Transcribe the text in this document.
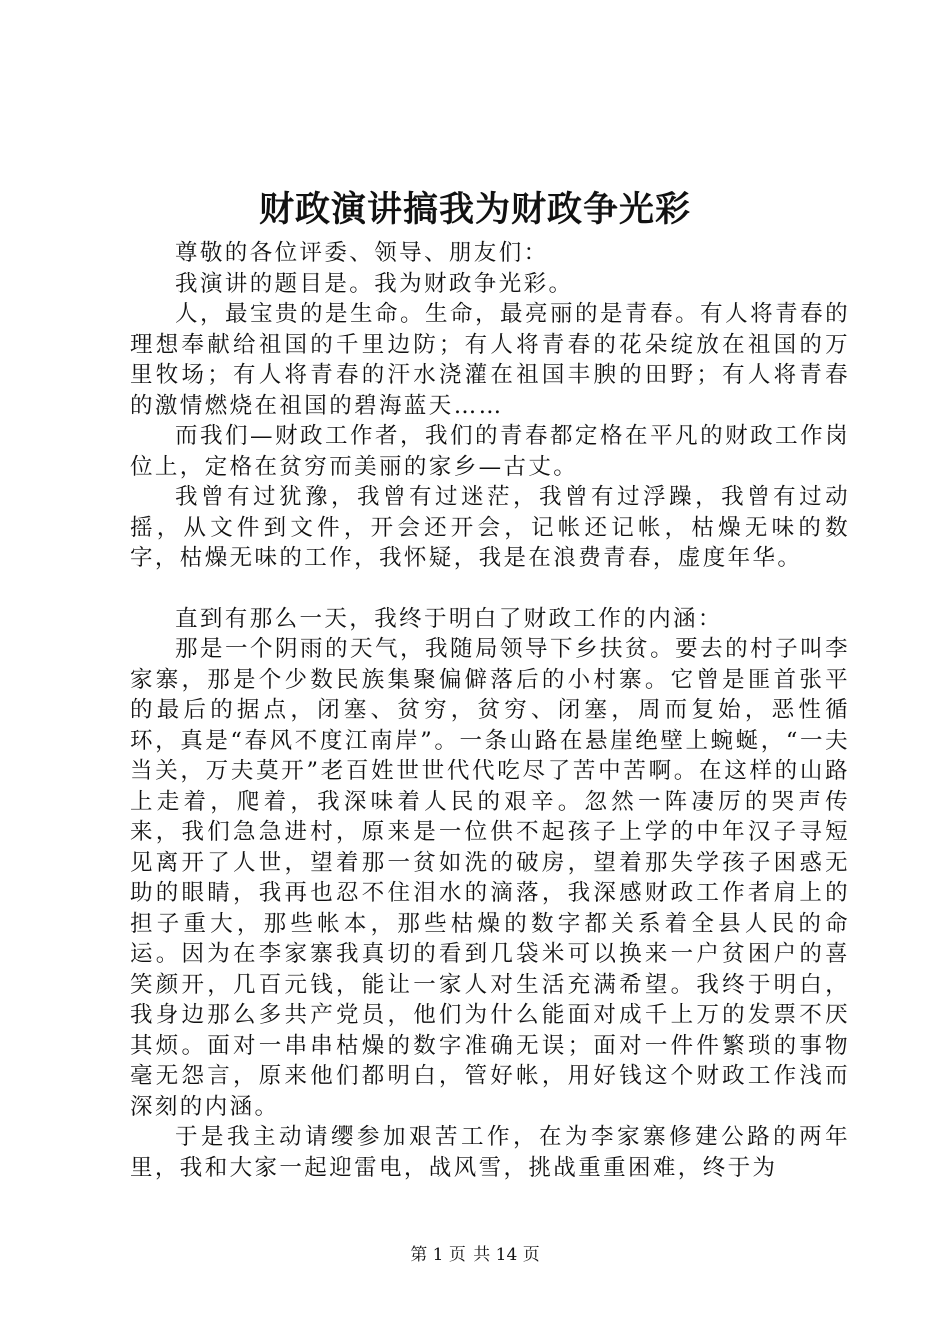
财政演讲搞我为财政争光彩

尊敬的各位评委、领导、朋友们：

我演讲的题目是。我为财政争光彩。

人，最宝贵的是生命。生命，最亮丽的是青春。有人将青春的理想奉献给祖国的千里边防；有人将青春的花朵绽放在祖国的万里牧场；有人将青春的汗水浇灌在祖国丰腴的田野；有人将青春的激情燃烧在祖国的碧海蓝天……

而我们—财政工作者，我们的青春都定格在平凡的财政工作岗位上，定格在贫穷而美丽的家乡—古丈。

我曾有过犹豫，我曾有过迷茫，我曾有过浮躁，我曾有过动摇，从文件到文件，开会还开会，记帐还记帐，枯燥无味的数字，枯燥无味的工作，我怀疑，我是在浪费青春，虚度年华。

直到有那么一天，我终于明白了财政工作的内涵：

那是一个阴雨的天气，我随局领导下乡扶贫。要去的村子叫李家寨，那是个少数民族集聚偏僻落后的小村寨。它曾是匪首张平的最后的据点，闭塞、贫穷，贫穷、闭塞，周而复始，恶性循环，真是“春风不度江南岸”。一条山路在悬崖绝壁上蜿蜒，“一夫当关，万夫莫开”老百姓世世代代吃尽了苦中苦啊。在这样的山路上走着，爬着，我深味着人民的艰辛。忽然一阵凄厉的哭声传来，我们急急进村，原来是一位供不起孩子上学的中年汉子寻短见离开了人世，望着那一贫如洗的破房，望着那失学孩子困惑无助的眼睛，我再也忍不住泪水的滴落，我深感财政工作者肩上的担子重大，那些帐本，那些枯燥的数字都关系着全县人民的命运。因为在李家寨我真切的看到几袋米可以换来一户贫困户的喜笑颜开，几百元钱，能让一家人对生活充满希望。我终于明白，我身边那么多共产党员，他们为什么能面对成千上万的发票不厌其烦。面对一串串枯燥的数字准确无误；面对一件件繁琐的事物毫无怨言，原来他们都明白，管好帐，用好钱这个财政工作浅而深刻的内涵。

于是我主动请缨参加艰苦工作，在为李家寨修建公路的两年里，我和大家一起迎雷电，战风雪，挑战重重困难，终于为

第 1 页 共 14 页
